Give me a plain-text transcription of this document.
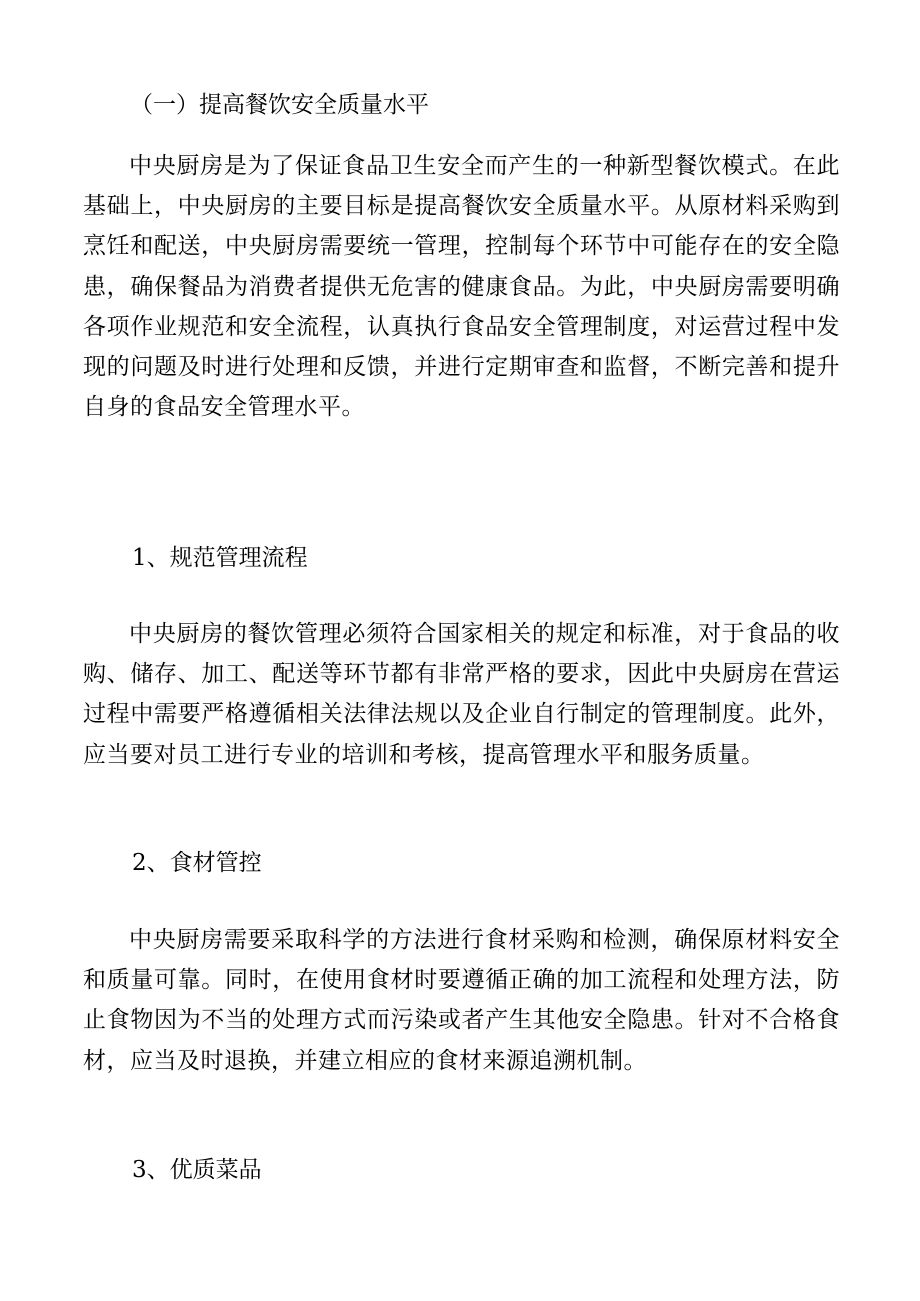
（一）提高餐饮安全质量水平

中央厨房是为了保证食品卫生安全而产生的一种新型餐饮模式。在此基础上，中央厨房的主要目标是提高餐饮安全质量水平。从原材料采购到烹饪和配送，中央厨房需要统一管理，控制每个环节中可能存在的安全隐患，确保餐品为消费者提供无危害的健康食品。为此，中央厨房需要明确各项作业规范和安全流程，认真执行食品安全管理制度，对运营过程中发现的问题及时进行处理和反馈，并进行定期审查和监督，不断完善和提升自身的食品安全管理水平。

1、规范管理流程

中央厨房的餐饮管理必须符合国家相关的规定和标准，对于食品的收购、储存、加工、配送等环节都有非常严格的要求，因此中央厨房在营运过程中需要严格遵循相关法律法规以及企业自行制定的管理制度。此外，应当要对员工进行专业的培训和考核，提高管理水平和服务质量。

2、食材管控

中央厨房需要采取科学的方法进行食材采购和检测，确保原材料安全和质量可靠。同时，在使用食材时要遵循正确的加工流程和处理方法，防止食物因为不当的处理方式而污染或者产生其他安全隐患。针对不合格食材，应当及时退换，并建立相应的食材来源追溯机制。

3、优质菜品
